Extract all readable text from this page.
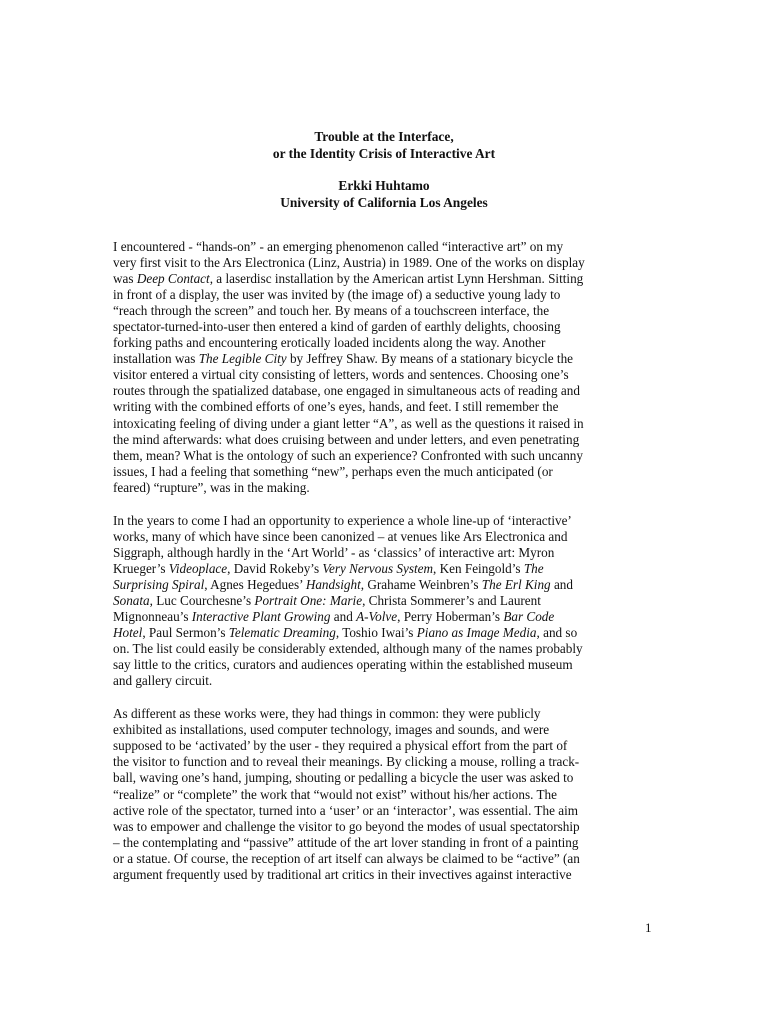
Trouble at the Interface,
or the Identity Crisis of Interactive Art
Erkki Huhtamo
University of California Los Angeles
I encountered - “hands-on” - an emerging phenomenon called “interactive art” on my
very first visit to the Ars Electronica (Linz, Austria) in 1989. One of the works on display
was Deep Contact, a laserdisc installation by the American artist Lynn Hershman. Sitting
in front of a display, the user was invited by (the image of) a seductive young lady to
“reach through the screen” and touch her. By means of a touchscreen interface, the
spectator-turned-into-user then entered a kind of garden of earthly delights, choosing
forking paths and encountering erotically loaded incidents along the way. Another
installation was The Legible City by Jeffrey Shaw. By means of a stationary bicycle the
visitor entered a virtual city consisting of letters, words and sentences. Choosing one’s
routes through the spatialized database, one engaged in simultaneous acts of reading and
writing with the combined efforts of one’s eyes, hands, and feet. I still remember the
intoxicating feeling of diving under a giant letter “A”, as well as the questions it raised in
the mind afterwards: what does cruising between and under letters, and even penetrating
them, mean? What is the ontology of such an experience? Confronted with such uncanny
issues, I had a feeling that something “new”, perhaps even the much anticipated (or
feared) “rupture”, was in the making.
In the years to come I had an opportunity to experience a whole line-up of ‘interactive’
works, many of which have since been canonized – at venues like Ars Electronica and
Siggraph, although hardly in the ‘Art World’ - as ‘classics’ of interactive art: Myron
Krueger’s Videoplace, David Rokeby’s Very Nervous System, Ken Feingold’s The
Surprising Spiral, Agnes Hegedues’ Handsight, Grahame Weinbren’s The Erl King and
Sonata, Luc Courchesne’s Portrait One: Marie, Christa Sommerer’s and Laurent
Mignonneau’s Interactive Plant Growing and A-Volve, Perry Hoberman’s Bar Code
Hotel, Paul Sermon’s Telematic Dreaming, Toshio Iwai’s Piano as Image Media, and so
on. The list could easily be considerably extended, although many of the names probably
say little to the critics, curators and audiences operating within the established museum
and gallery circuit.
As different as these works were, they had things in common: they were publicly
exhibited as installations, used computer technology, images and sounds, and were
supposed to be ‘activated’ by the user - they required a physical effort from the part of
the visitor to function and to reveal their meanings. By clicking a mouse, rolling a track-
ball, waving one’s hand, jumping, shouting or pedalling a bicycle the user was asked to
“realize” or “complete” the work that “would not exist” without his/her actions. The
active role of the spectator, turned into a ‘user’ or an ‘interactor’, was essential. The aim
was to empower and challenge the visitor to go beyond the modes of usual spectatorship
– the contemplating and “passive” attitude of the art lover standing in front of a painting
or a statue. Of course, the reception of art itself can always be claimed to be “active” (an
argument frequently used by traditional art critics in their invectives against interactive
1
